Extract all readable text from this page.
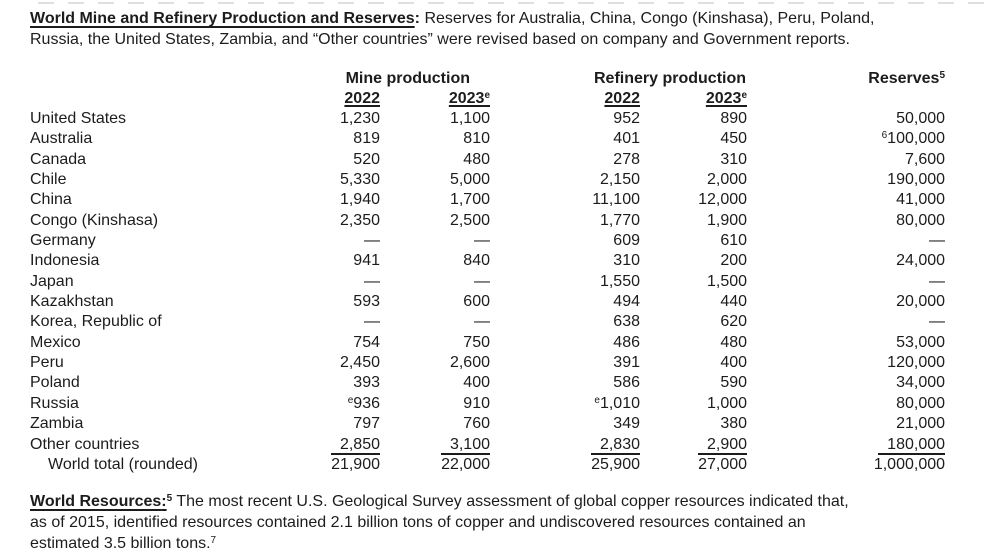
World Mine and Refinery Production and Reserves: Reserves for Australia, China, Congo (Kinshasa), Peru, Poland,
Russia, the United States, Zambia, and “Other countries” were revised based on company and Government reports.

	Mine production		Refinery production		Reserves$^5$
	2022	2023e	2022	2023e	
United States	1,230	1,100	952	890	50,000
Australia	819	810	401	450	$^6$100,000
Canada	520	480	278	310	7,600
Chile	5,330	5,000	2,150	2,000	190,000
China	1,940	1,700	11,100	12,000	41,000
Congo (Kinshasa)	2,350	2,500	1,770	1,900	80,000
Germany	—	—	609	610	—
Indonesia	941	840	310	200	24,000
Japan	—	—	1,550	1,500	—
Kazakhstan	593	600	494	440	20,000
Korea, Republic of	—	—	638	620	—
Mexico	754	750	486	480	53,000
Peru	2,450	2,600	391	400	120,000
Poland	393	400	586	590	34,000
Russia	$^e$936	910	$^e$1,010	1,000	80,000
Zambia	797	760	349	380	21,000
Other countries	2,850	3,100	2,830	2,900	180,000
World total (rounded)	21,900	22,000	25,900	27,000	1,000,000

World Resources:$^5$ The most recent U.S. Geological Survey assessment of global copper resources indicated that,
as of 2015, identified resources contained 2.1 billion tons of copper and undiscovered resources contained an
estimated 3.5 billion tons.$^7$
